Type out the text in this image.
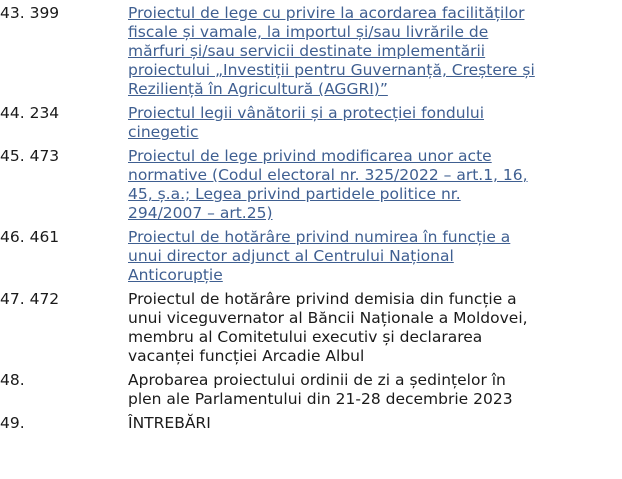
43. 399	Proiectul de lege cu privire la acordarea facilităților fiscale și vamale, la importul și/sau livrările de mărfuri și/sau servicii destinate implementării proiectului „Investiții pentru Guvernanță, Creștere și Reziliență în Agricultură (AGGRI)”
44. 234	Proiectul legii vânătorii și a protecției fondului cinegetic
45. 473	Proiectul de lege privind modificarea unor acte normative (Codul electoral nr. 325/2022 – art.1, 16, 45, ș.a.; Legea privind partidele politice nr. 294/2007 – art.25)
46. 461	Proiectul de hotărâre privind numirea în funcție a unui director adjunct al Centrului Național Anticorupție
47. 472	Proiectul de hotărâre privind demisia din funcție a unui viceguvernator al Băncii Naționale a Moldovei, membru al Comitetului executiv și declararea vacanței funcției Arcadie Albul
48.	Aprobarea proiectului ordinii de zi a ședințelor în plen ale Parlamentului din 21-28 decembrie 2023
49.	ÎNTREBĂRI
